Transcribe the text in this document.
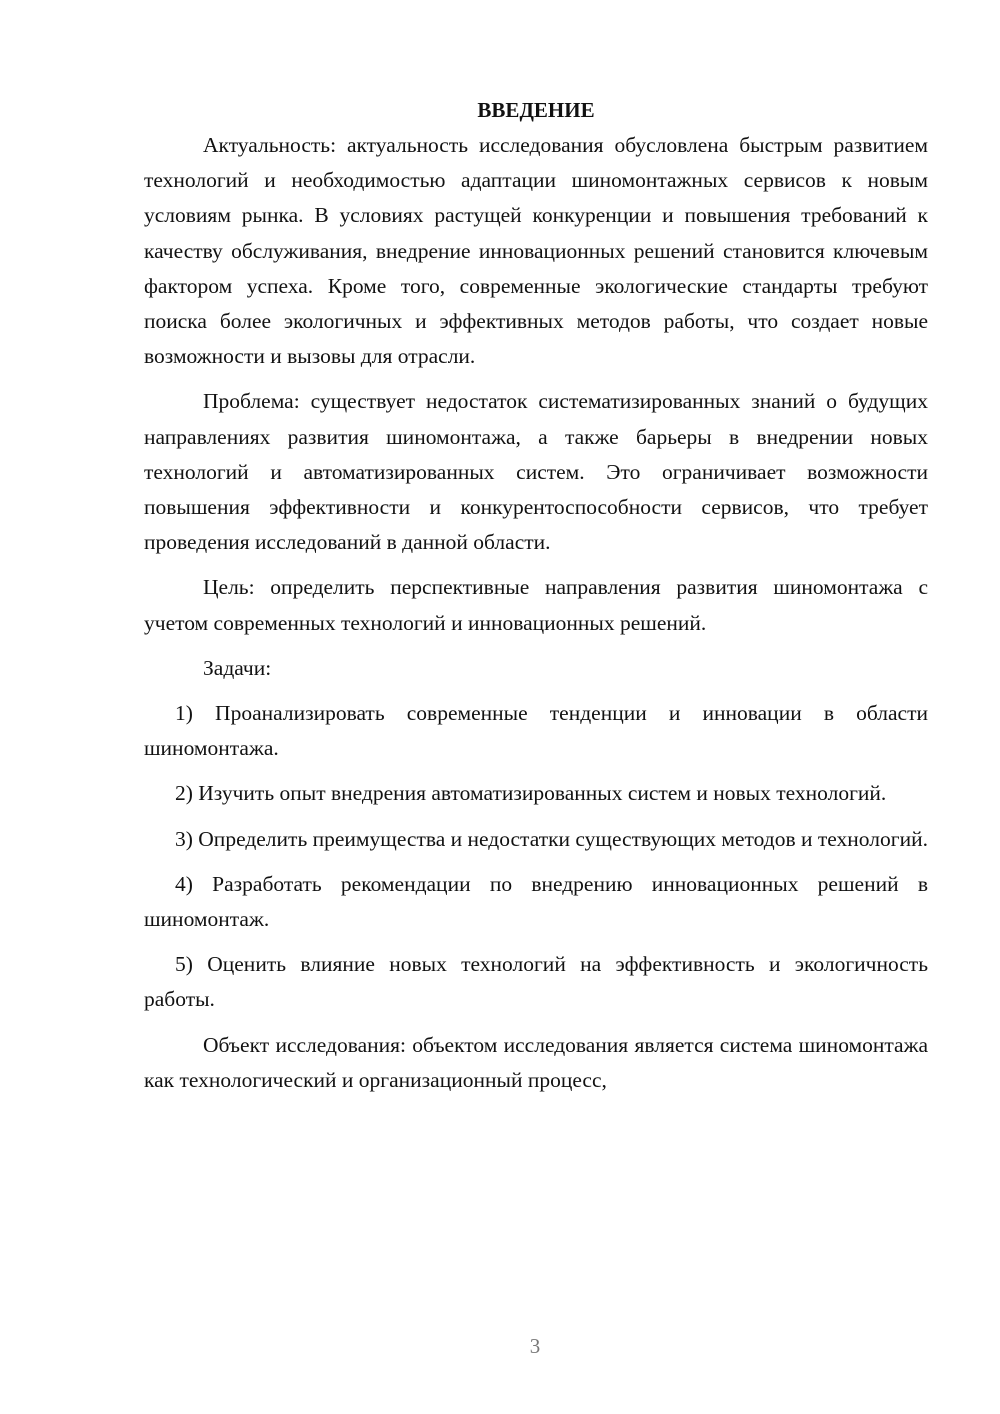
ВВЕДЕНИЕ

Актуальность: актуальность исследования обусловлена быстрым развитием технологий и необходимостью адаптации шиномонтажных сервисов к новым условиям рынка. В условиях растущей конкуренции и повышения требований к качеству обслуживания, внедрение инновационных решений становится ключевым фактором успеха. Кроме того, современные экологические стандарты требуют поиска более экологичных и эффективных методов работы, что создает новые возможности и вызовы для отрасли.

Проблема: существует недостаток систематизированных знаний о будущих направлениях развития шиномонтажа, а также барьеры в внедрении новых технологий и автоматизированных систем. Это ограничивает возможности повышения эффективности и конкурентоспособности сервисов, что требует проведения исследований в данной области.

Цель: определить перспективные направления развития шиномонтажа с учетом современных технологий и инновационных решений.

Задачи:

1) Проанализировать современные тенденции и инновации в области шиномонтажа.

2) Изучить опыт внедрения автоматизированных систем и новых технологий.

3) Определить преимущества и недостатки существующих методов и технологий.

4) Разработать рекомендации по внедрению инновационных решений в шиномонтаж.

5) Оценить влияние новых технологий на эффективность и экологичность работы.

Объект исследования: объектом исследования является система шиномонтажа как технологический и организационный процесс,

3
